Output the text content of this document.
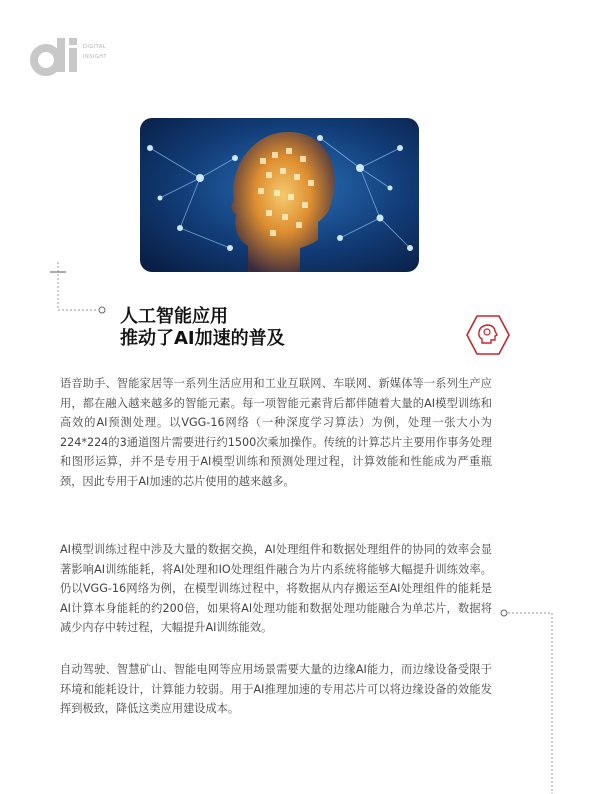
DIGITAL
INSIGHT
人工智能应用
推动了AI加速的普及

语音助手、智能家居等一系列生活应用和工业互联网、车联网、新媒体等一系列生产应用，都在融入越来越多的智能元素。每一项智能元素背后都伴随着大量的AI模型训练和高效的AI预测处理。以VGG-16网络（一种深度学习算法）为例，处理一张大小为224*224的3通道图片需要进行约1500次乘加操作。传统的计算芯片主要用作事务处理和图形运算，并不是专用于AI模型训练和预测处理过程，计算效能和性能成为严重瓶颈，因此专用于AI加速的芯片使用的越来越多。

AI模型训练过程中涉及大量的数据交换，AI处理组件和数据处理组件的协同的效率会显著影响AI训练能耗，将AI处理和IO处理组件融合为片内系统将能够大幅提升训练效率。仍以VGG-16网络为例，在模型训练过程中，将数据从内存搬运至AI处理组件的能耗是AI计算本身能耗的约200倍，如果将AI处理功能和数据处理功能融合为单芯片，数据将减少内存中转过程，大幅提升AI训练能效。

自动驾驶、智慧矿山、智能电网等应用场景需要大量的边缘AI能力，而边缘设备受限于环境和能耗设计，计算能力较弱。用于AI推理加速的专用芯片可以将边缘设备的效能发挥到极致，降低这类应用建设成本。
